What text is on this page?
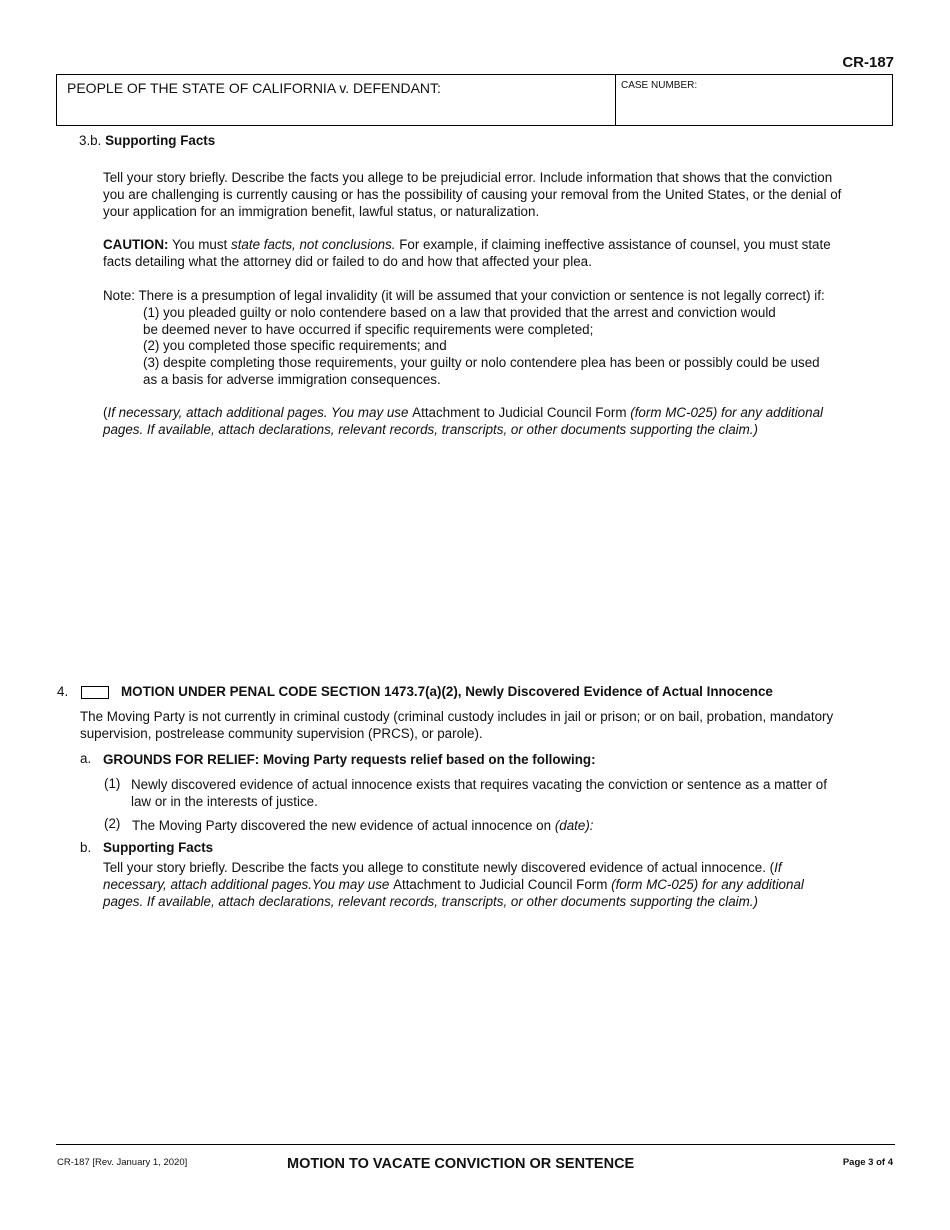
CR-187
PEOPLE OF THE STATE OF CALIFORNIA v. DEFENDANT:	CASE NUMBER:
3.b. Supporting Facts

Tell your story briefly. Describe the facts you allege to be prejudicial error. Include information that shows that the conviction

you are challenging is currently causing or has the possibility of causing your removal from the United States, or the denial of

your application for an immigration benefit, lawful status, or naturalization.

CAUTION: You must state facts, not conclusions. For example, if claiming ineffective assistance of counsel, you must state

facts detailing what the attorney did or failed to do and how that affected your plea.

Note: There is a presumption of legal invalidity (it will be assumed that your conviction or sentence is not legally correct) if:

(1) you pleaded guilty or nolo contendere based on a law that provided that the arrest and conviction would

be deemed never to have occurred if specific requirements were completed;

(2) you completed those specific requirements; and

(3) despite completing those requirements, your guilty or nolo contendere plea has been or possibly could be used

as a basis for adverse immigration consequences.

(If necessary, attach additional pages. You may use Attachment to Judicial Council Form (form MC-025) for any additional

pages. If available, attach declarations, relevant records, transcripts, or other documents supporting the claim.)

4.	MOTION UNDER PENAL CODE SECTION 1473.7(a)(2), Newly Discovered Evidence of Actual Innocence

The Moving Party is not currently in criminal custody (criminal custody includes in jail or prison; or on bail, probation, mandatory

supervision, postrelease community supervision (PRCS), or parole).

a. GROUNDS FOR RELIEF: Moving Party requests relief based on the following:
(1) Newly discovered evidence of actual innocence exists that requires vacating the conviction or sentence as a matter of

law or in the interests of justice.

(2) The Moving Party discovered the new evidence of actual innocence on (date):
b. Supporting Facts

Tell your story briefly. Describe the facts you allege to constitute newly discovered evidence of actual innocence. (If

necessary, attach additional pages.You may use Attachment to Judicial Council Form (form MC-025) for any additional

pages. If available, attach declarations, relevant records, transcripts, or other documents supporting the claim.)

CR-187 [Rev. January 1, 2020]	MOTION TO VACATE CONVICTION OR SENTENCE	Page 3 of 4
